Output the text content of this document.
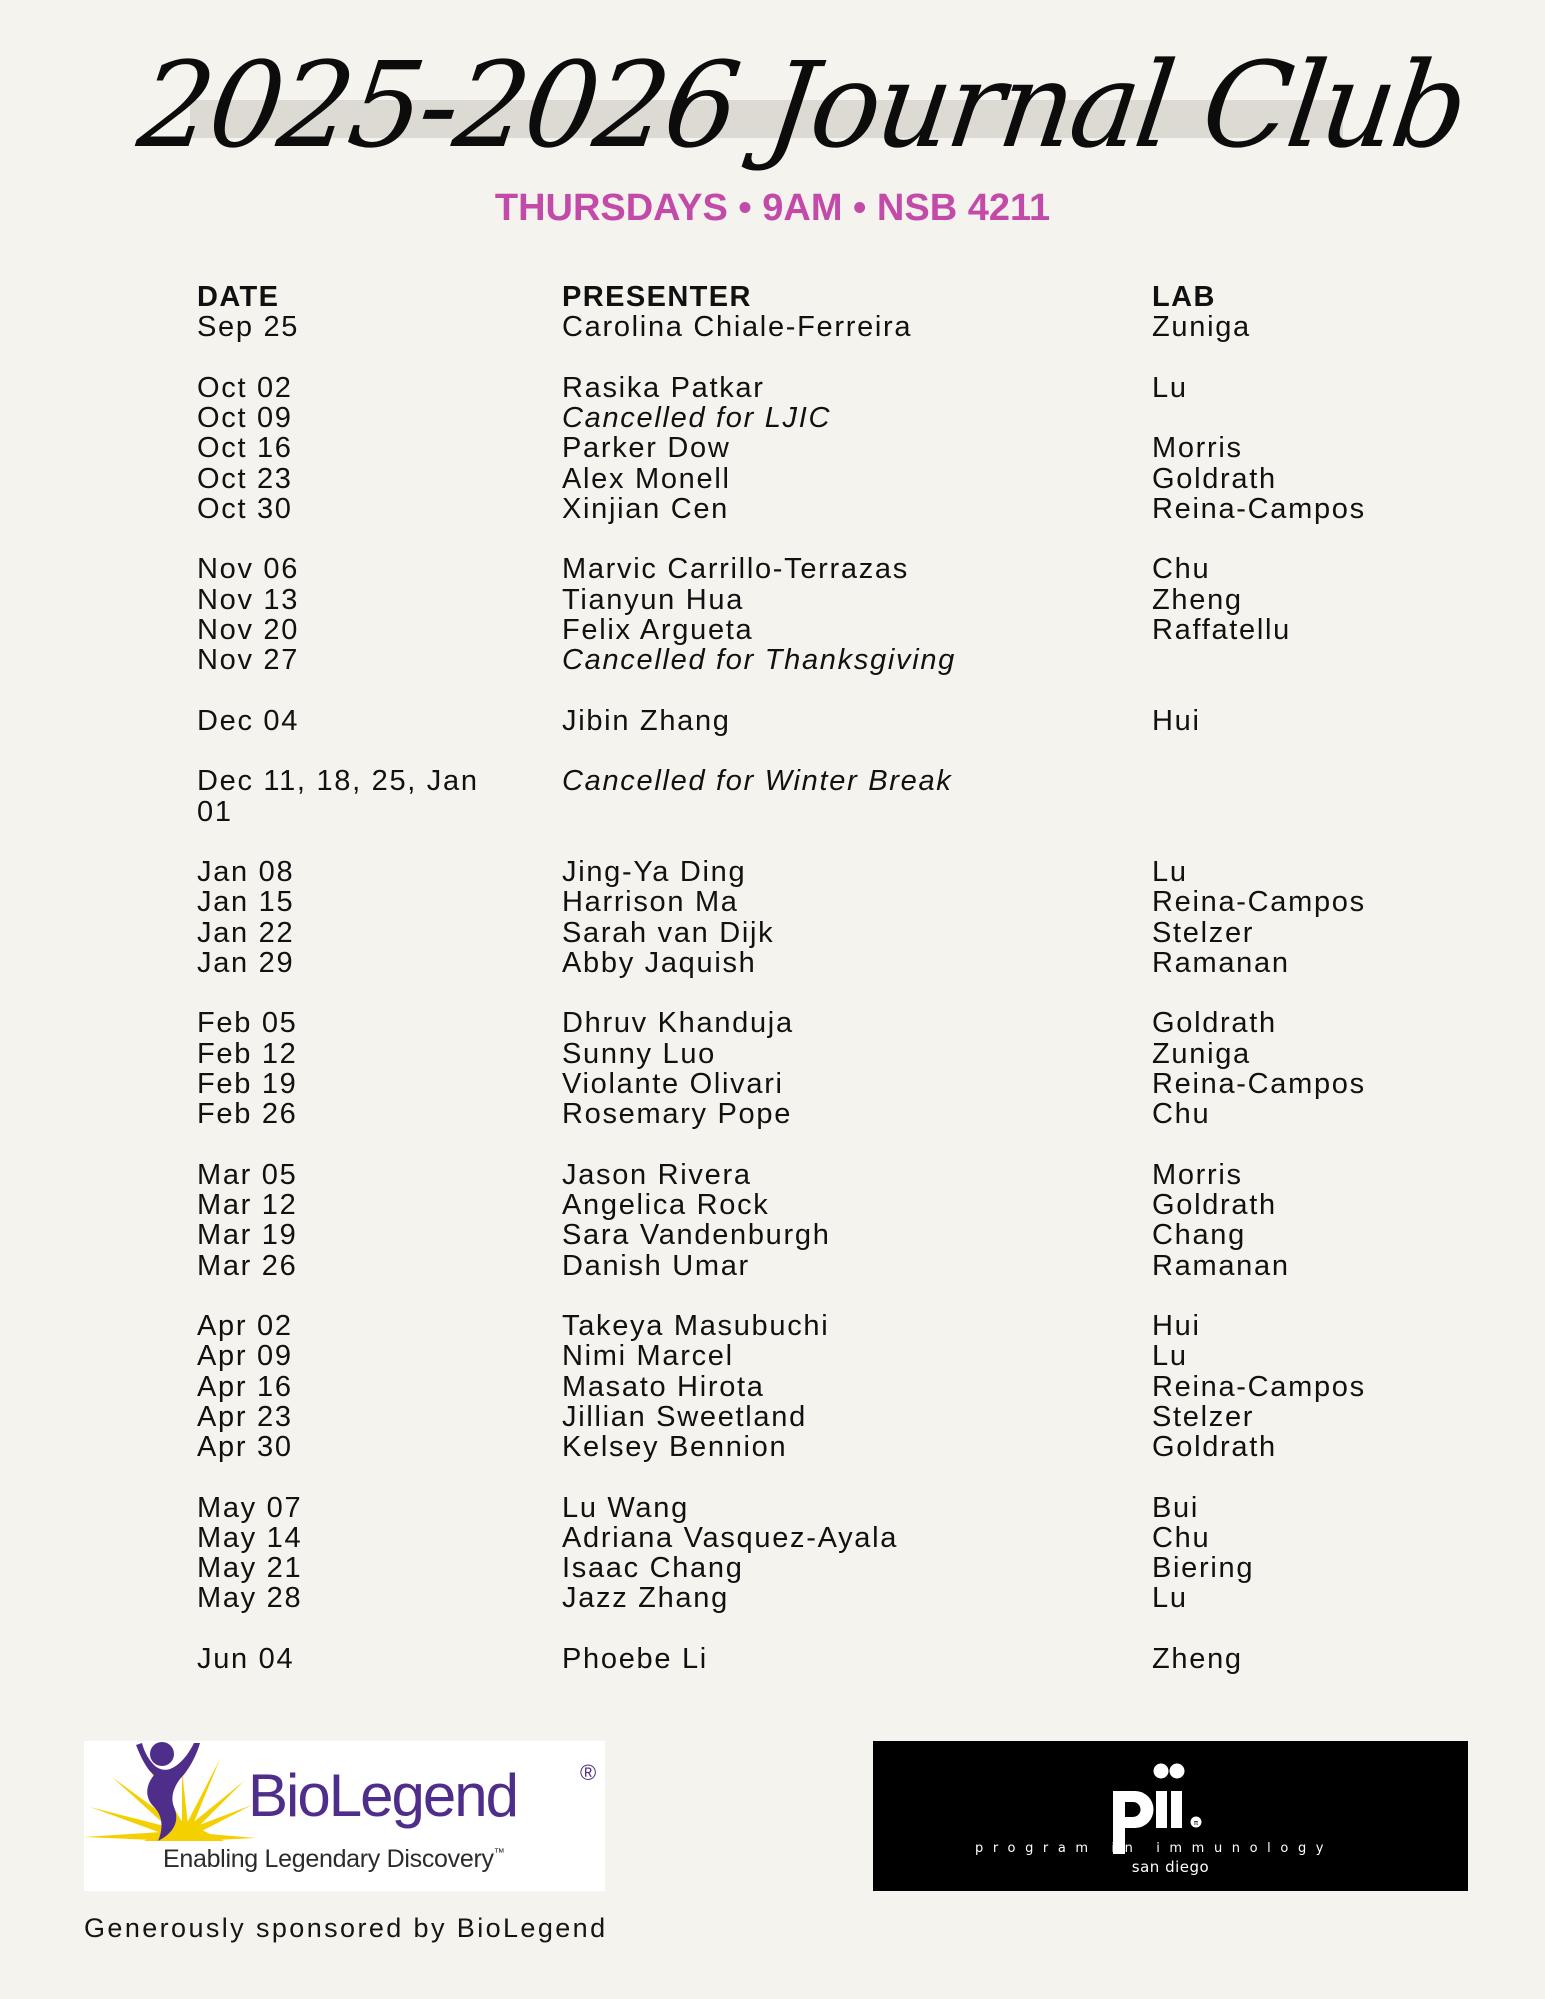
2025-2026 Journal Club
THURSDAYS • 9AM • NSB 4211
DATE	PRESENTER	LAB
Sep 25	Carolina Chiale-Ferreira	Zuniga
Oct 02	Rasika Patkar	Lu
Oct 09	Cancelled for LJIC
Oct 16	Parker Dow	Morris
Oct 23	Alex Monell	Goldrath
Oct 30	Xinjian Cen	Reina-Campos
Nov 06	Marvic Carrillo-Terrazas	Chu
Nov 13	Tianyun Hua	Zheng
Nov 20	Felix Argueta	Raffatellu
Nov 27	Cancelled for Thanksgiving
Dec 04	Jibin Zhang	Hui
Dec 11, 18, 25, Jan	Cancelled for Winter Break
01
Jan 08	Jing-Ya Ding	Lu
Jan 15	Harrison Ma	Reina-Campos
Jan 22	Sarah van Dijk	Stelzer
Jan 29	Abby Jaquish	Ramanan
Feb 05	Dhruv Khanduja	Goldrath
Feb 12	Sunny Luo	Zuniga
Feb 19	Violante Olivari	Reina-Campos
Feb 26	Rosemary Pope	Chu
Mar 05	Jason Rivera	Morris
Mar 12	Angelica Rock	Goldrath
Mar 19	Sara Vandenburgh	Chang
Mar 26	Danish Umar	Ramanan
Apr 02	Takeya Masubuchi	Hui
Apr 09	Nimi Marcel	Lu
Apr 16	Masato Hirota	Reina-Campos
Apr 23	Jillian Sweetland	Stelzer
Apr 30	Kelsey Bennion	Goldrath
May 07	Lu Wang	Bui
May 14	Adriana Vasquez-Ayala	Chu
May 21	Isaac Chang	Biering
May 28	Jazz Zhang	Lu
Jun 04	Phoebe Li	Zheng
BioLegend	®
Enabling Legendary Discovery™
Generously sponsored by BioLegend
π
program in immunology
san diego
